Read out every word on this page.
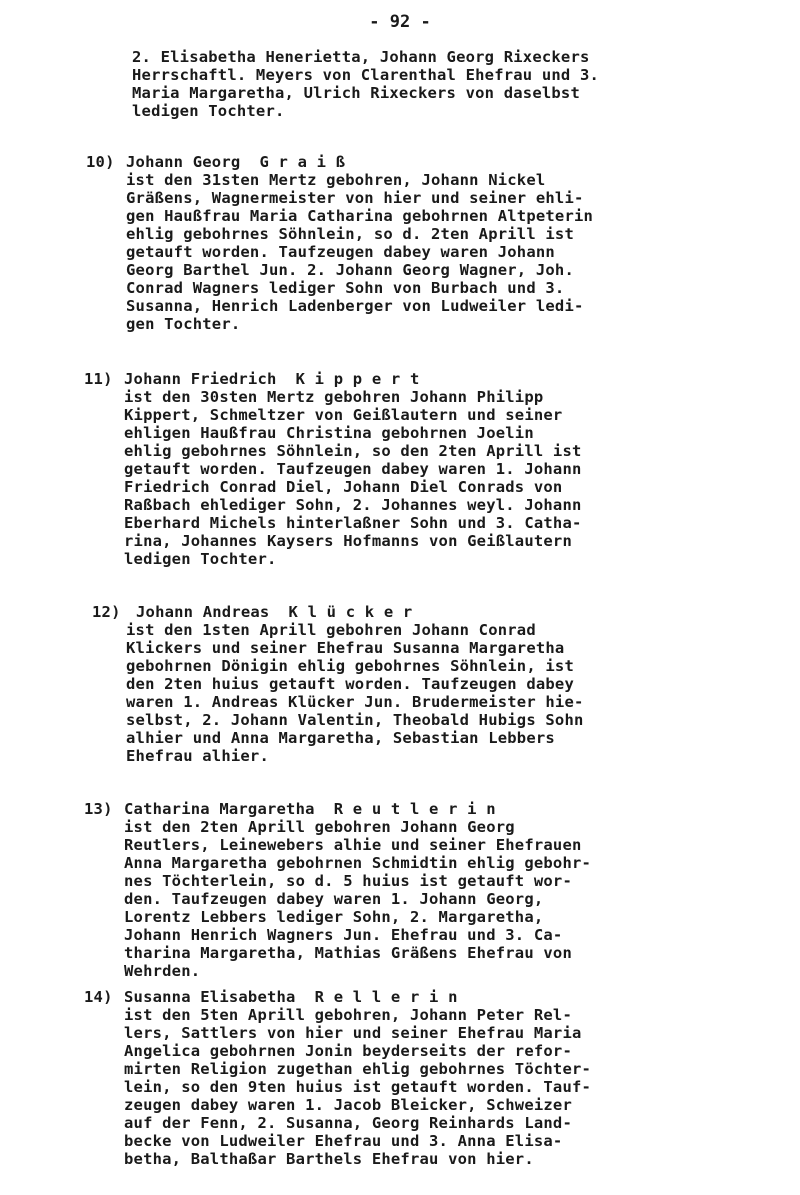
- 92 -
2. Elisabetha Henerietta, Johann Georg Rixeckers
Herrschaftl. Meyers von Clarenthal Ehefrau und 3.
Maria Margaretha, Ulrich Rixeckers von daselbst
ledigen Tochter.
10) Johann Georg  G r a i ß
ist den 31sten Mertz gebohren, Johann Nickel
Gräßens, Wagnermeister von hier und seiner ehli-
gen Haußfrau Maria Catharina gebohrnen Altpeterin
ehlig gebohrnes Söhnlein, so d. 2ten Aprill ist
getauft worden. Taufzeugen dabey waren Johann
Georg Barthel Jun. 2. Johann Georg Wagner, Joh.
Conrad Wagners lediger Sohn von Burbach und 3.
Susanna, Henrich Ladenberger von Ludweiler ledi-
gen Tochter.
11) Johann Friedrich  K i p p e r t
ist den 30sten Mertz gebohren Johann Philipp
Kippert, Schmeltzer von Geißlautern und seiner
ehligen Haußfrau Christina gebohrnen Joelin
ehlig gebohrnes Söhnlein, so den 2ten Aprill ist
getauft worden. Taufzeugen dabey waren 1. Johann
Friedrich Conrad Diel, Johann Diel Conrads von
Raßbach ehlediger Sohn, 2. Johannes weyl. Johann
Eberhard Michels hinterlaßner Sohn und 3. Catha-
rina, Johannes Kaysers Hofmanns von Geißlautern
ledigen Tochter.
12) Johann Andreas  K l ü c k e r
ist den 1sten Aprill gebohren Johann Conrad
Klickers und seiner Ehefrau Susanna Margaretha
gebohrnen Dönigin ehlig gebohrnes Söhnlein, ist
den 2ten huius getauft worden. Taufzeugen dabey
waren 1. Andreas Klücker Jun. Brudermeister hie-
selbst, 2. Johann Valentin, Theobald Hubigs Sohn
alhier und Anna Margaretha, Sebastian Lebbers
Ehefrau alhier.
13) Catharina Margaretha  R e u t l e r i n
ist den 2ten Aprill gebohren Johann Georg
Reutlers, Leinewebers alhie und seiner Ehefrauen
Anna Margaretha gebohrnen Schmidtin ehlig gebohr-
nes Töchterlein, so d. 5 huius ist getauft wor-
den. Taufzeugen dabey waren 1. Johann Georg,
Lorentz Lebbers lediger Sohn, 2. Margaretha,
Johann Henrich Wagners Jun. Ehefrau und 3. Ca-
tharina Margaretha, Mathias Gräßens Ehefrau von
Wehrden.
14) Susanna Elisabetha  R e l l e r i n
ist den 5ten Aprill gebohren, Johann Peter Rel-
lers, Sattlers von hier und seiner Ehefrau Maria
Angelica gebohrnen Jonin beyderseits der refor-
mirten Religion zugethan ehlig gebohrnes Töchter-
lein, so den 9ten huius ist getauft worden. Tauf-
zeugen dabey waren 1. Jacob Bleicker, Schweizer
auf der Fenn, 2. Susanna, Georg Reinhards Land-
becke von Ludweiler Ehefrau und 3. Anna Elisa-
betha, Balthaßar Barthels Ehefrau von hier.
